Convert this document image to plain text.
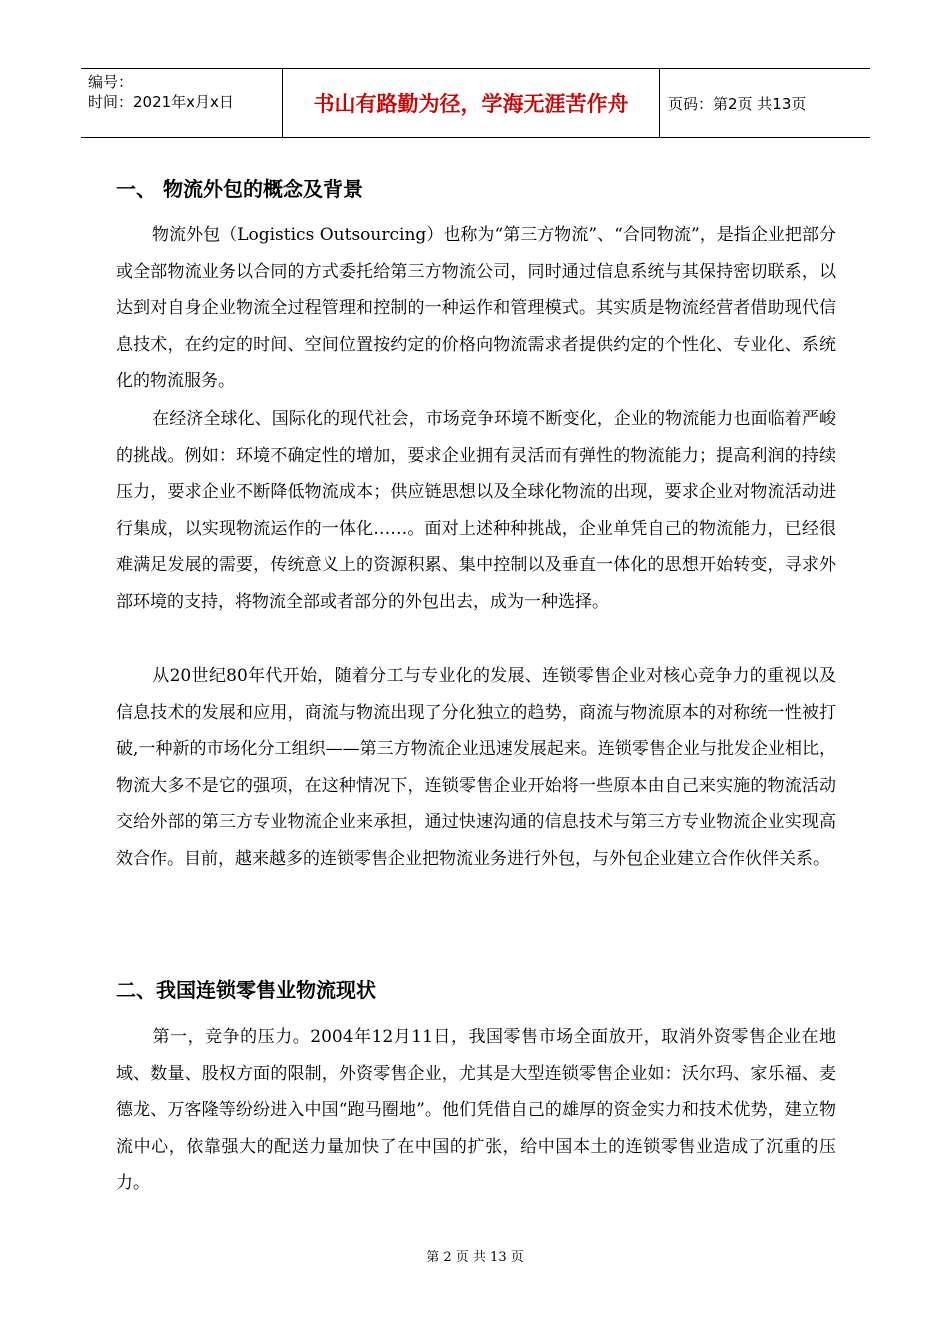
编号：
时间：2021年x月x日	书山有路勤为径，学海无涯苦作舟	页码：第2页 共13页
一、 物流外包的概念及背景
物流外包（Logistics Outsourcing）也称为“第三方物流”、“合同物流”，是指企业把部分或全部物流业务以合同的方式委托给第三方物流公司，同时通过信息系统与其保持密切联系，以达到对自身企业物流全过程管理和控制的一种运作和管理模式。其实质是物流经营者借助现代信息技术，在约定的时间、空间位置按约定的价格向物流需求者提供约定的个性化、专业化、系统化的物流服务。
在经济全球化、国际化的现代社会，市场竞争环境不断变化，企业的物流能力也面临着严峻的挑战。例如：环境不确定性的增加，要求企业拥有灵活而有弹性的物流能力；提高利润的持续压力，要求企业不断降低物流成本；供应链思想以及全球化物流的出现，要求企业对物流活动进行集成，以实现物流运作的一体化……。面对上述种种挑战，企业单凭自己的物流能力，已经很难满足发展的需要，传统意义上的资源积累、集中控制以及垂直一体化的思想开始转变，寻求外部环境的支持，将物流全部或者部分的外包出去，成为一种选择。
从20世纪80年代开始，随着分工与专业化的发展、连锁零售企业对核心竞争力的重视以及信息技术的发展和应用，商流与物流出现了分化独立的趋势，商流与物流原本的对称统一性被打破,一种新的市场化分工组织——第三方物流企业迅速发展起来。连锁零售企业与批发企业相比，物流大多不是它的强项，在这种情况下，连锁零售企业开始将一些原本由自己来实施的物流活动交给外部的第三方专业物流企业来承担，通过快速沟通的信息技术与第三方专业物流企业实现高效合作。目前，越来越多的连锁零售企业把物流业务进行外包，与外包企业建立合作伙伴关系。
二、我国连锁零售业物流现状
第一，竞争的压力。2004年12月11日，我国零售市场全面放开，取消外资零售企业在地域、数量、股权方面的限制，外资零售企业，尤其是大型连锁零售企业如：沃尔玛、家乐福、麦德龙、万客隆等纷纷进入中国“跑马圈地”。他们凭借自己的雄厚的资金实力和技术优势，建立物流中心，依靠强大的配送力量加快了在中国的扩张，给中国本土的连锁零售业造成了沉重的压力。
第 2 页 共 13 页
